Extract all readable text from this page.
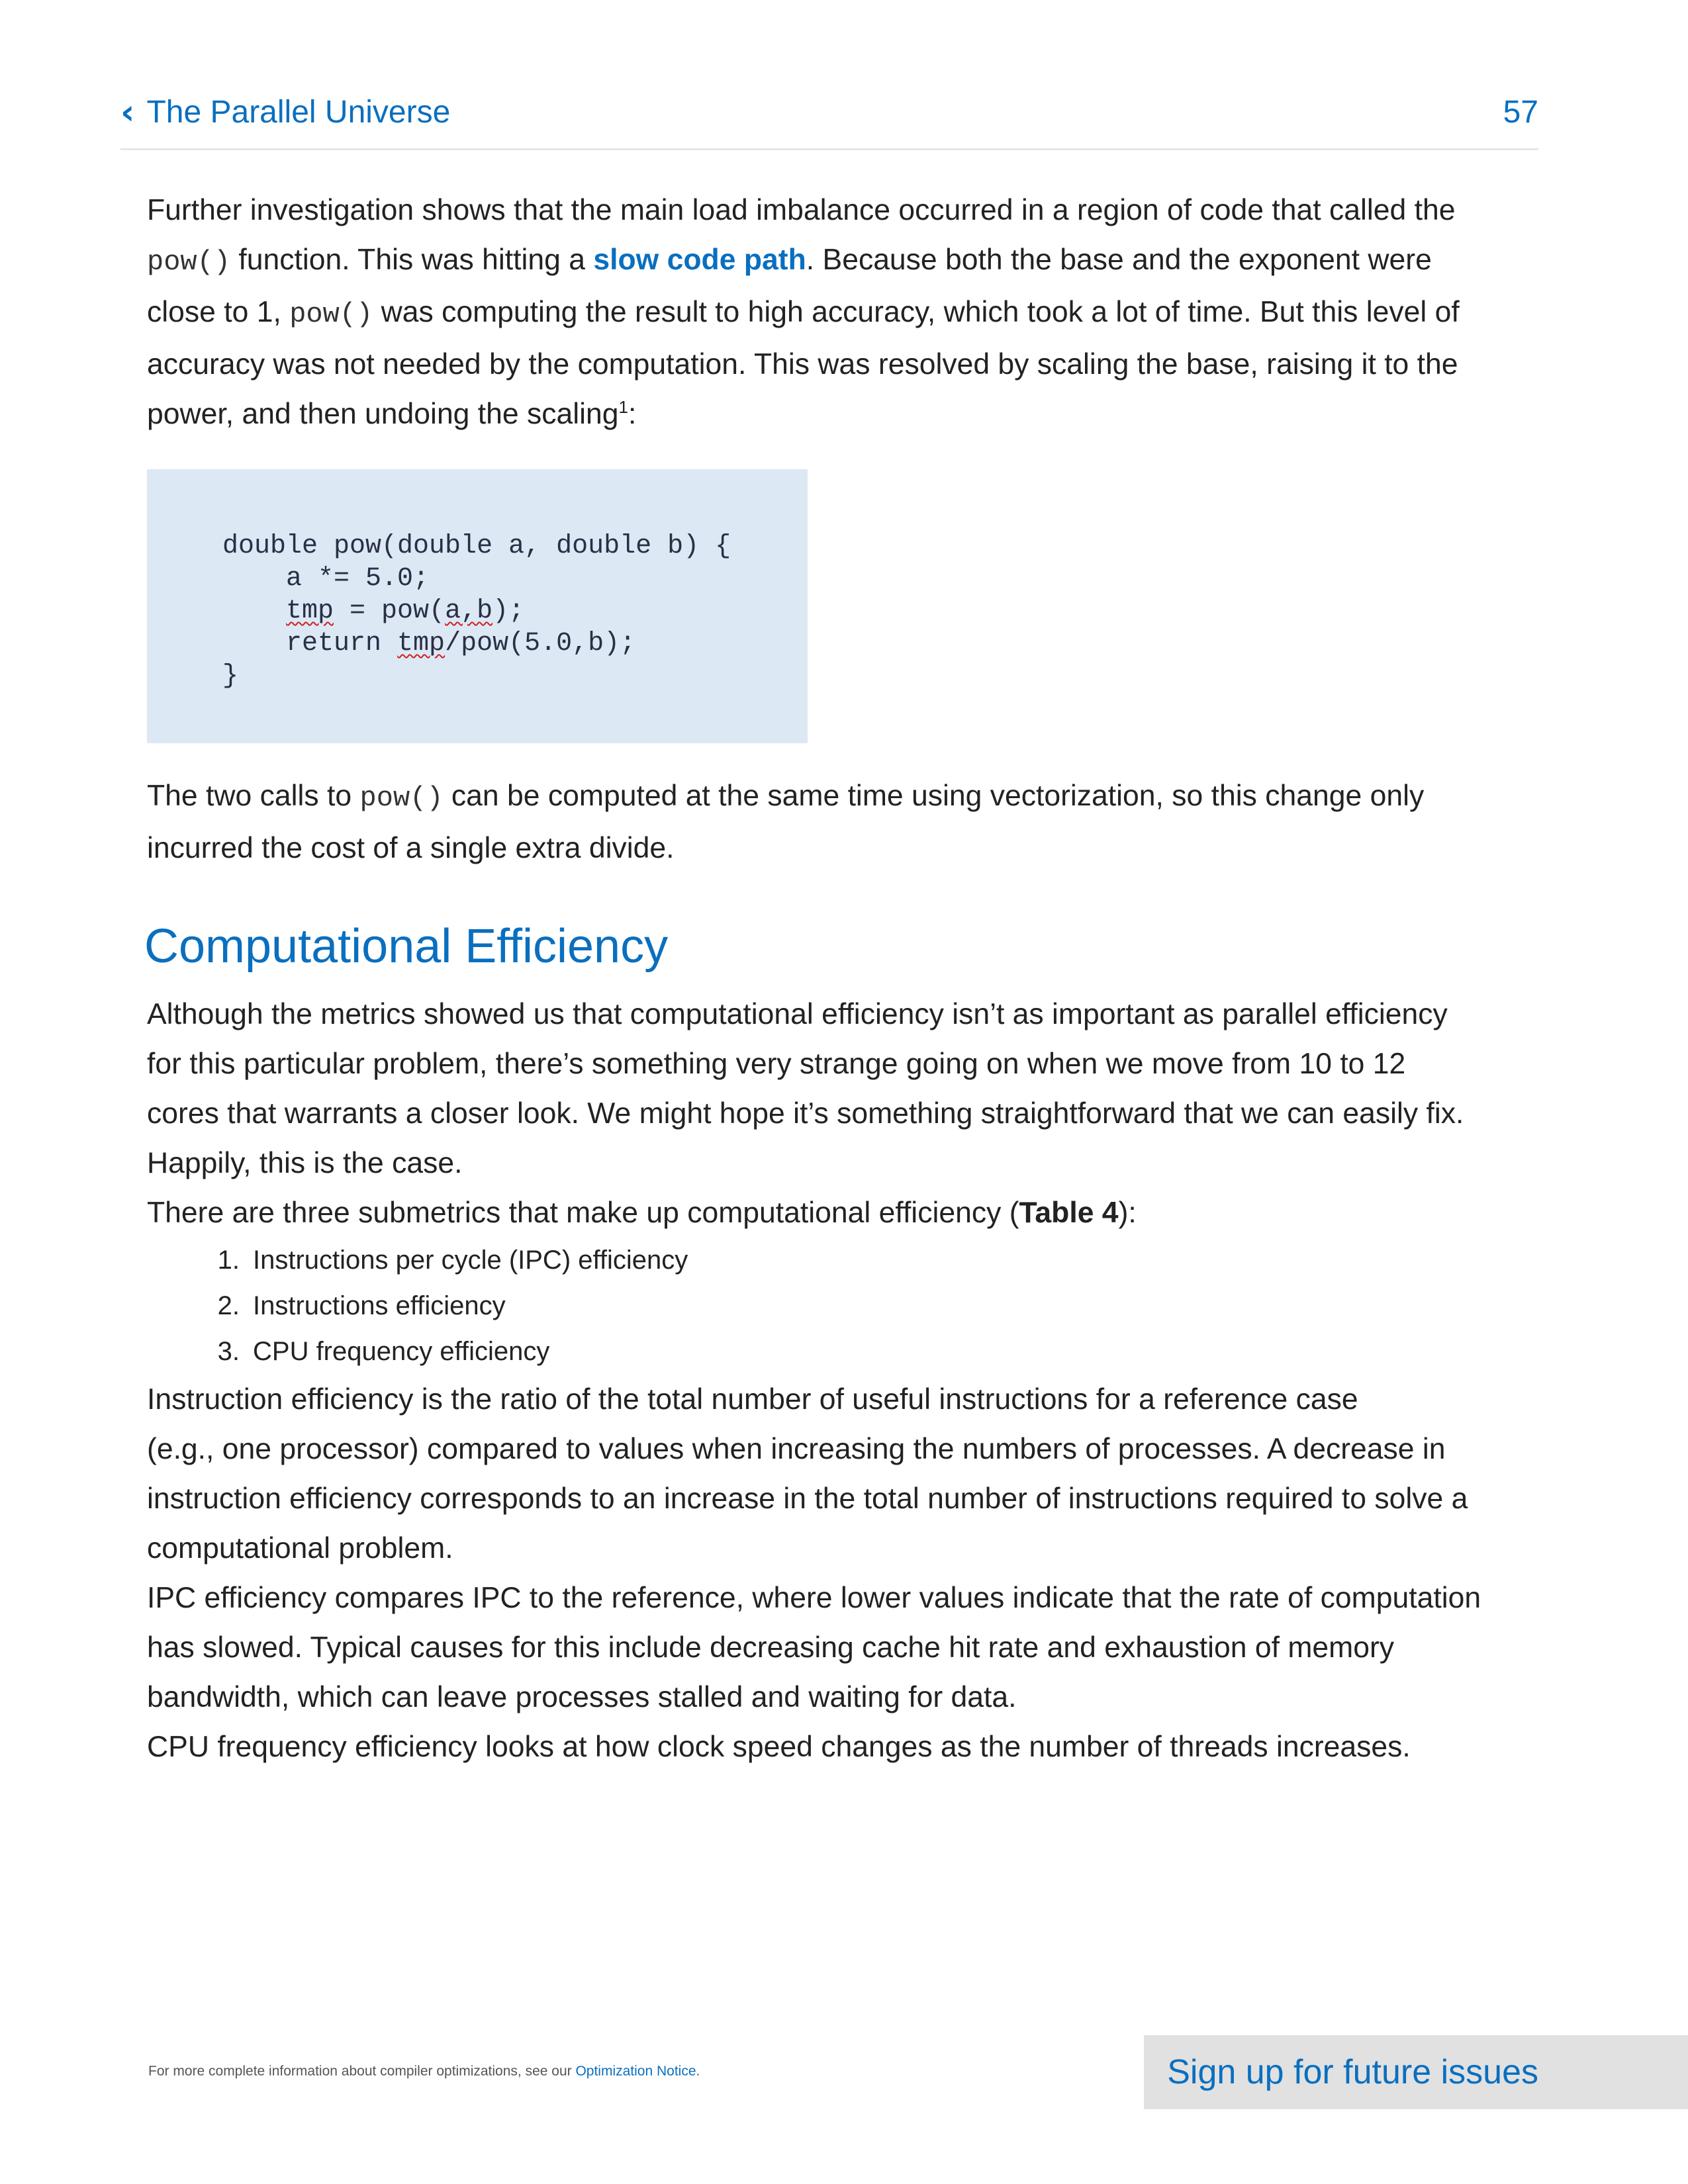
‹ The Parallel Universe	57

Further investigation shows that the main load imbalance occurred in a region of code that called the
pow() function. This was hitting a slow code path. Because both the base and the exponent were
close to 1, pow() was computing the result to high accuracy, which took a lot of time. But this level of
accuracy was not needed by the computation. This was resolved by scaling the base, raising it to the
power, and then undoing the scaling$^1$:

double pow(double a, double b) {
a *= 5.0;
tmp = pow(a,b);
return tmp/pow(5.0,b);
}

The two calls to pow() can be computed at the same time using vectorization, so this change only
incurred the cost of a single extra divide.

Computational Efficiency

Although the metrics showed us that computational efficiency isn’t as important as parallel efficiency
for this particular problem, there’s something very strange going on when we move from 10 to 12
cores that warrants a closer look. We might hope it’s something straightforward that we can easily fix.
Happily, this is the case.

There are three submetrics that make up computational efficiency (Table 4):

1. Instructions per cycle (IPC) efficiency
2. Instructions efficiency
3. CPU frequency efficiency

Instruction efficiency is the ratio of the total number of useful instructions for a reference case
(e.g., one processor) compared to values when increasing the numbers of processes. A decrease in
instruction efficiency corresponds to an increase in the total number of instructions required to solve a
computational problem.

IPC efficiency compares IPC to the reference, where lower values indicate that the rate of computation
has slowed. Typical causes for this include decreasing cache hit rate and exhaustion of memory
bandwidth, which can leave processes stalled and waiting for data.

CPU frequency efficiency looks at how clock speed changes as the number of threads increases.

For more complete information about compiler optimizations, see our Optimization Notice.	Sign up for future issues
